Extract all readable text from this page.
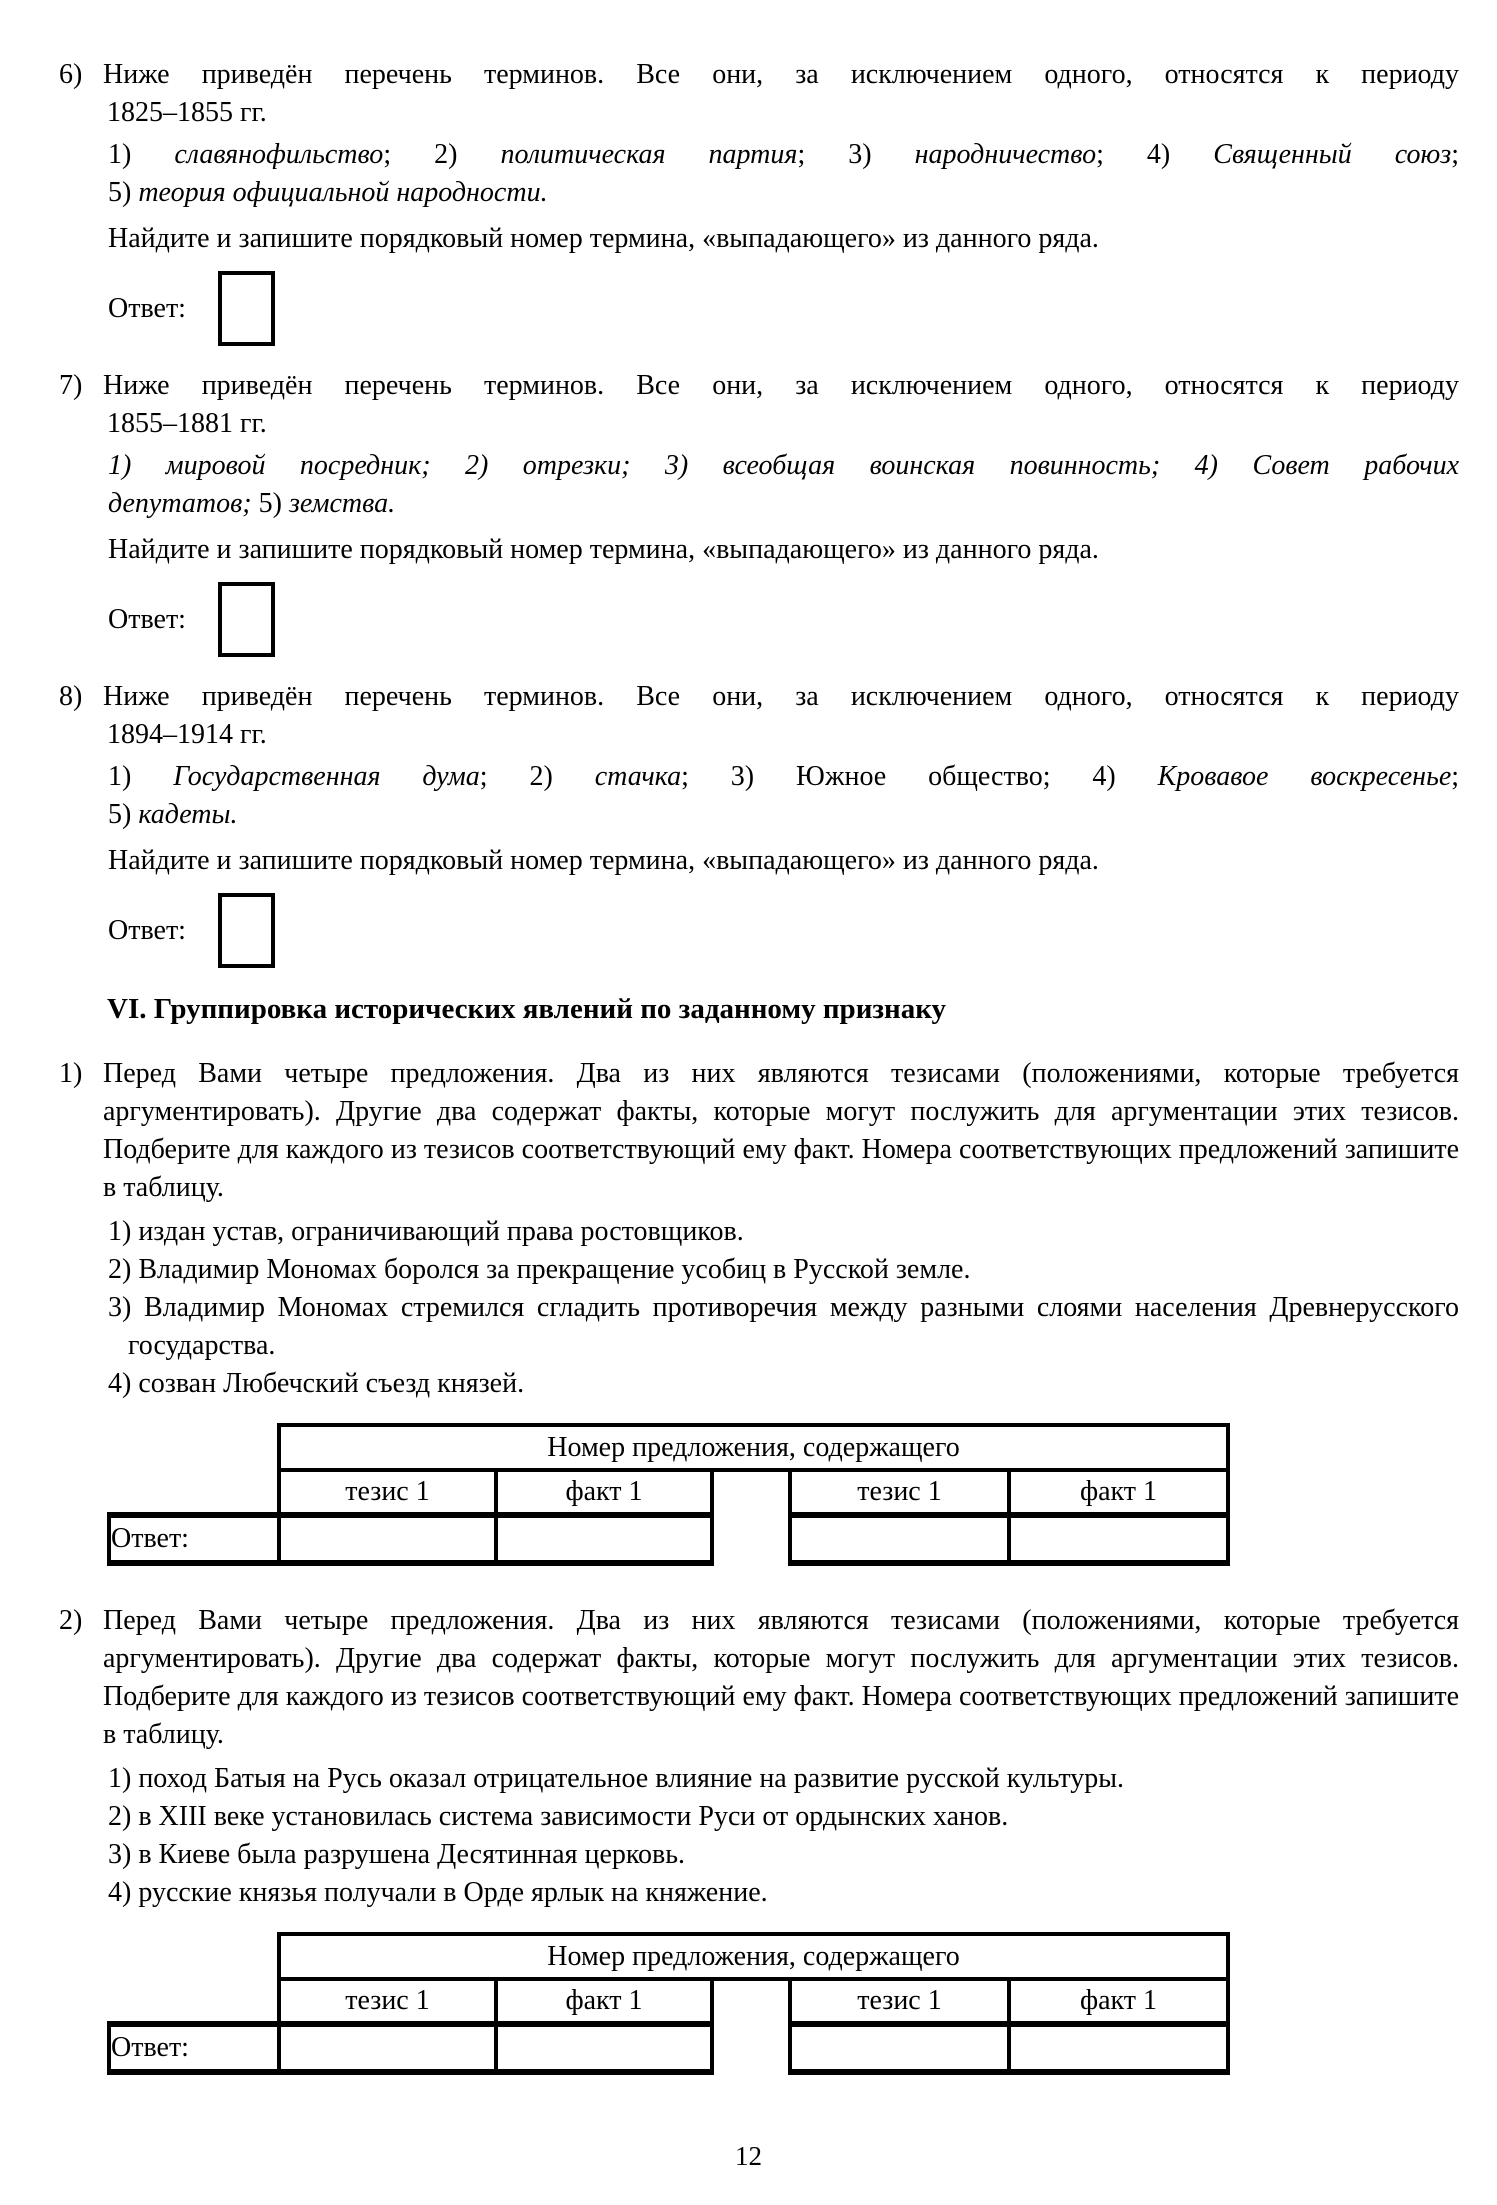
6) Ниже приведён перечень терминов. Все они, за исключением одного, относятся к периоду
1825–1855 гг.
1) славянофильство; 2) политическая партия; 3) народничество; 4) Священный союз;
5) теория официальной народности.
Найдите и запишите порядковый номер термина, «выпадающего» из данного ряда.
Ответ:
7) Ниже приведён перечень терминов. Все они, за исключением одного, относятся к периоду
1855–1881 гг.
1) мировой посредник; 2) отрезки; 3) всеобщая воинская повинность; 4) Совет рабочих
депутатов; 5) земства.
Найдите и запишите порядковый номер термина, «выпадающего» из данного ряда.
Ответ:
8) Ниже приведён перечень терминов. Все они, за исключением одного, относятся к периоду
1894–1914 гг.
1) Государственная дума; 2) стачка; 3) Южное общество; 4) Кровавое воскресенье;
5) кадеты.
Найдите и запишите порядковый номер термина, «выпадающего» из данного ряда.
Ответ:
VI. Группировка исторических явлений по заданному признаку
1) Перед Вами четыре предложения. Два из них являются тезисами (положениями, которые требуется аргументировать). Другие два содержат факты, которые могут послужить для аргументации этих тезисов. Подберите для каждого из тезисов соответствующий ему факт. Номера соответствующих предложений запишите в таблицу.
1) издан устав, ограничивающий права ростовщиков.
2) Владимир Мономах боролся за прекращение усобиц в Русской земле.
3) Владимир Мономах стремился сгладить противоречия между разными слоями населения Древнерусского государства.
4) созван Любечский съезд князей.
	Номер предложения, содержащего				
	тезис 1	факт 1		тезис 1	факт 1
Ответ:					
2) Перед Вами четыре предложения. Два из них являются тезисами (положениями, которые требуется аргументировать). Другие два содержат факты, которые могут послужить для аргументации этих тезисов. Подберите для каждого из тезисов соответствующий ему факт. Номера соответствующих предложений запишите в таблицу.
1) поход Батыя на Русь оказал отрицательное влияние на развитие русской культуры.
2) в XIII веке установилась система зависимости Руси от ордынских ханов.
3) в Киеве была разрушена Десятинная церковь.
4) русские князья получали в Орде ярлык на княжение.
	Номер предложения, содержащего				
	тезис 1	факт 1		тезис 1	факт 1
Ответ:					
12
